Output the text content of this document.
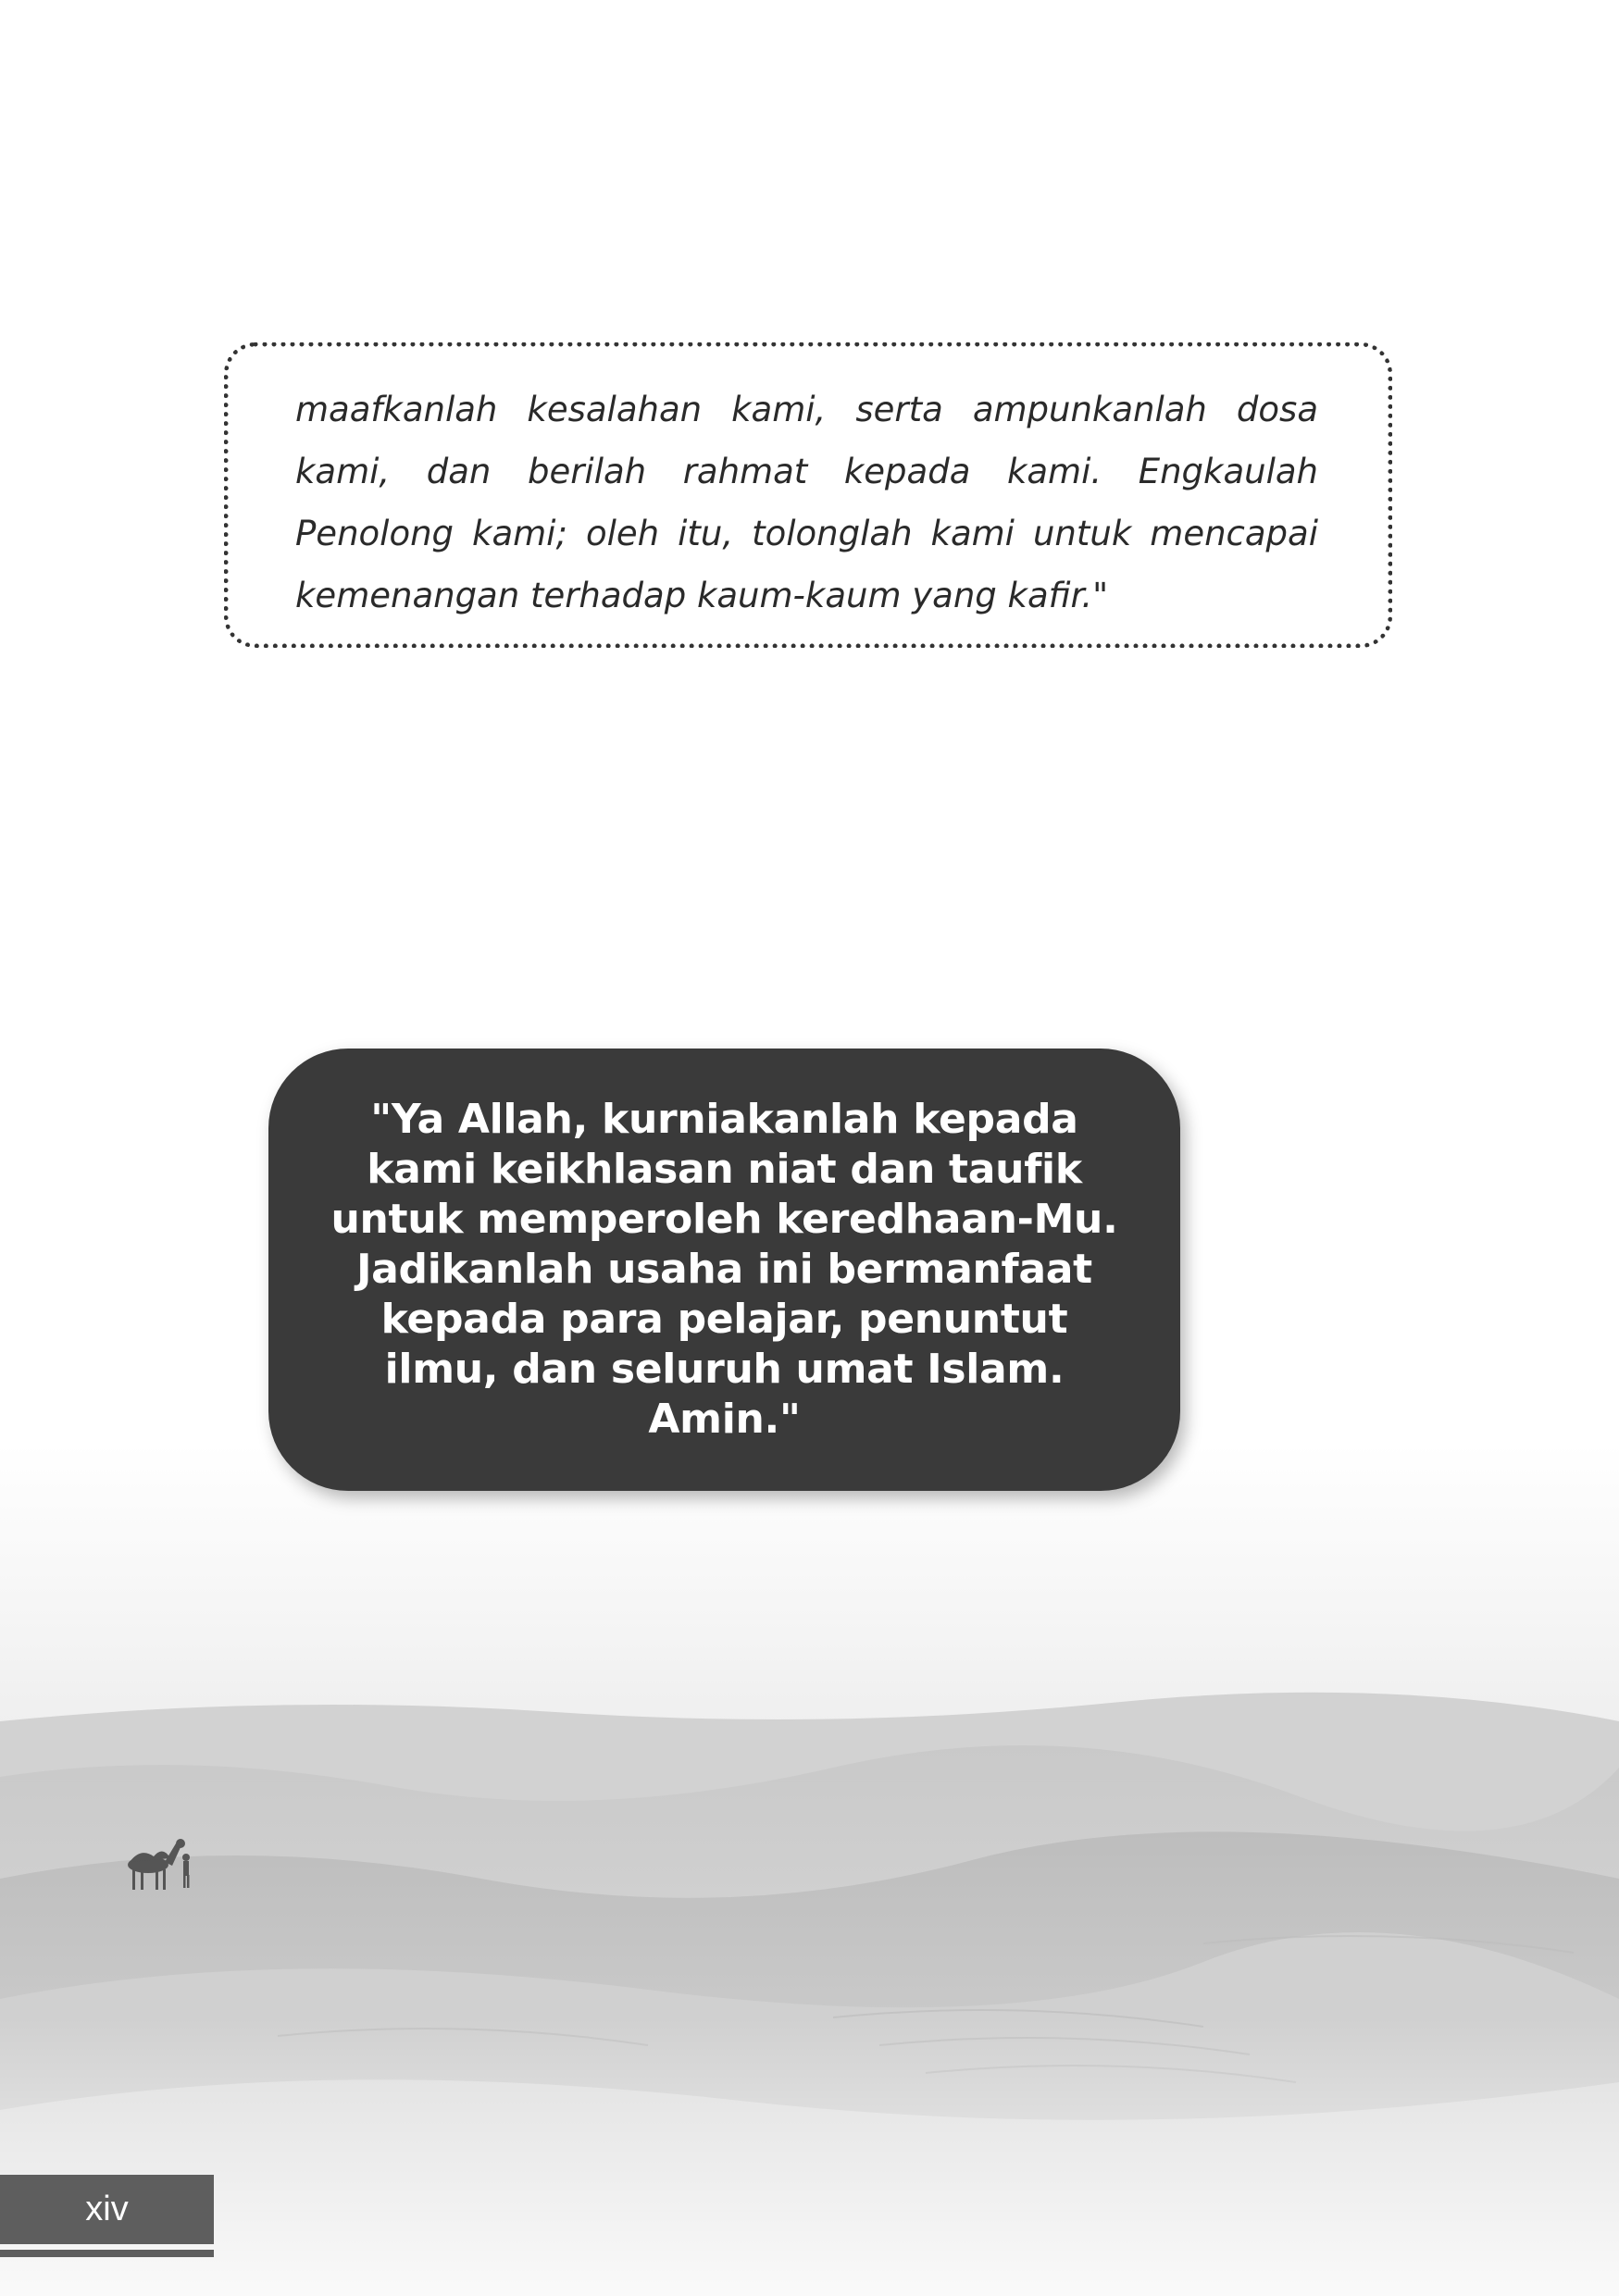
maafkanlah kesalahan kami, serta ampunkanlah dosa kami, dan berilah rahmat kepada kami. Engkaulah Penolong kami; oleh itu, tolonglah kami untuk mencapai kemenangan terhadap kaum-kaum yang kafir."

"Ya Allah, kurniakanlah kepada kami keikhlasan niat dan taufik untuk memperoleh keredhaan-Mu. Jadikanlah usaha ini bermanfaat kepada para pelajar, penuntut ilmu, dan seluruh umat Islam. Amin."

xiv
